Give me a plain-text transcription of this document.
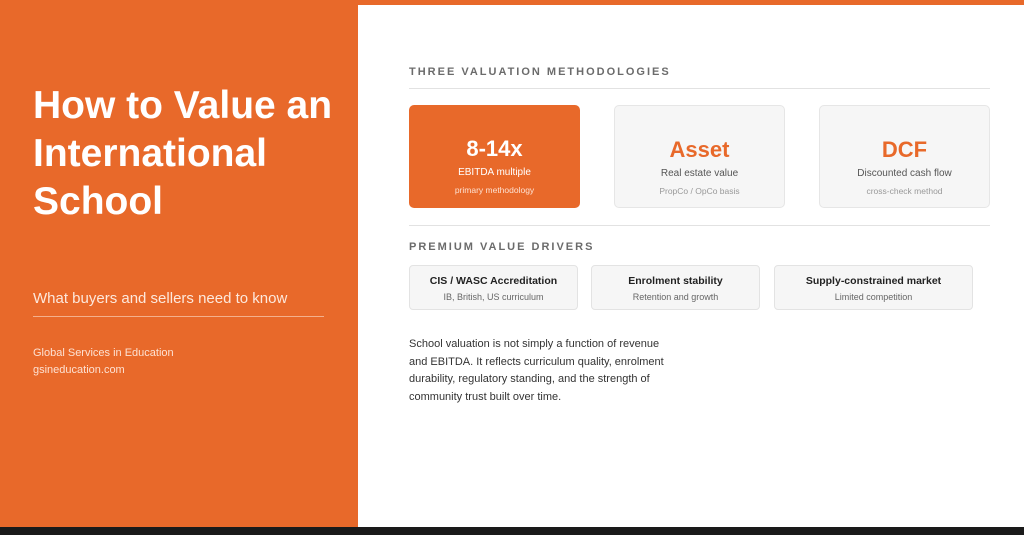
How to Value an International School
What buyers and sellers need to know
Global Services in Education
gsineducation.com
THREE VALUATION METHODOLOGIES
8-14x
EBITDA multiple
primary methodology
Asset
Real estate value
PropCo / OpCo basis
DCF
Discounted cash flow
cross-check method
PREMIUM VALUE DRIVERS
CIS / WASC Accreditation
IB, British, US curriculum
Enrolment stability
Retention and growth
Supply-constrained market
Limited competition

School valuation is not simply a function of revenue and EBITDA. It reflects curriculum quality, enrolment durability, regulatory standing, and the strength of community trust built over time.
